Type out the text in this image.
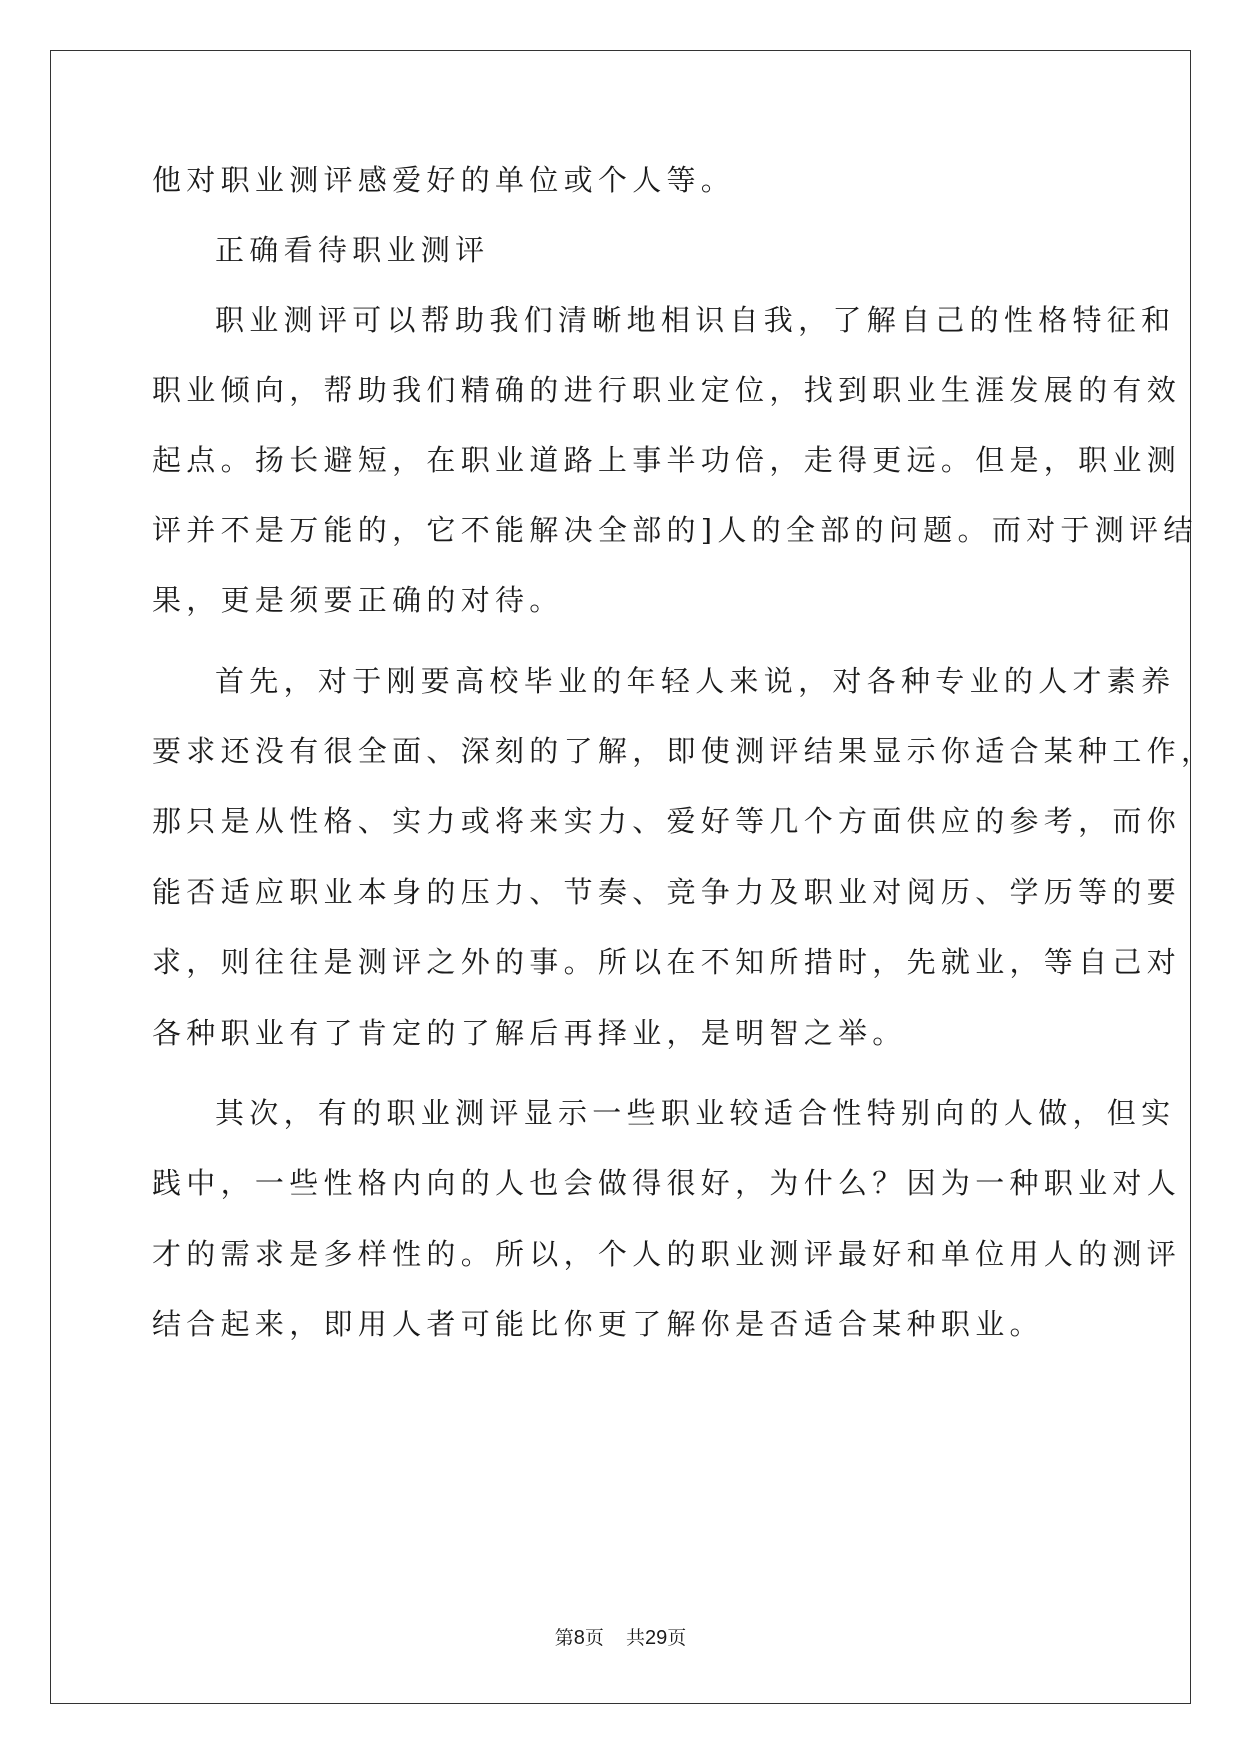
他对职业测评感爱好的单位或个人等。
正确看待职业测评
职业测评可以帮助我们清晰地相识自我，了解自己的性格特征和
职业倾向，帮助我们精确的进行职业定位，找到职业生涯发展的有效
起点。扬长避短，在职业道路上事半功倍，走得更远。但是，职业测
评并不是万能的，它不能解决全部的]人的全部的问题。而对于测评结
果，更是须要正确的对待。
首先，对于刚要高校毕业的年轻人来说，对各种专业的人才素养
要求还没有很全面、深刻的了解，即使测评结果显示你适合某种工作，
那只是从性格、实力或将来实力、爱好等几个方面供应的参考，而你
能否适应职业本身的压力、节奏、竞争力及职业对阅历、学历等的要
求，则往往是测评之外的事。所以在不知所措时，先就业，等自己对
各种职业有了肯定的了解后再择业，是明智之举。
其次，有的职业测评显示一些职业较适合性特别向的人做，但实
践中，一些性格内向的人也会做得很好，为什么？因为一种职业对人
才的需求是多样性的。所以，个人的职业测评最好和单位用人的测评
结合起来，即用人者可能比你更了解你是否适合某种职业。
第8页 共29页
